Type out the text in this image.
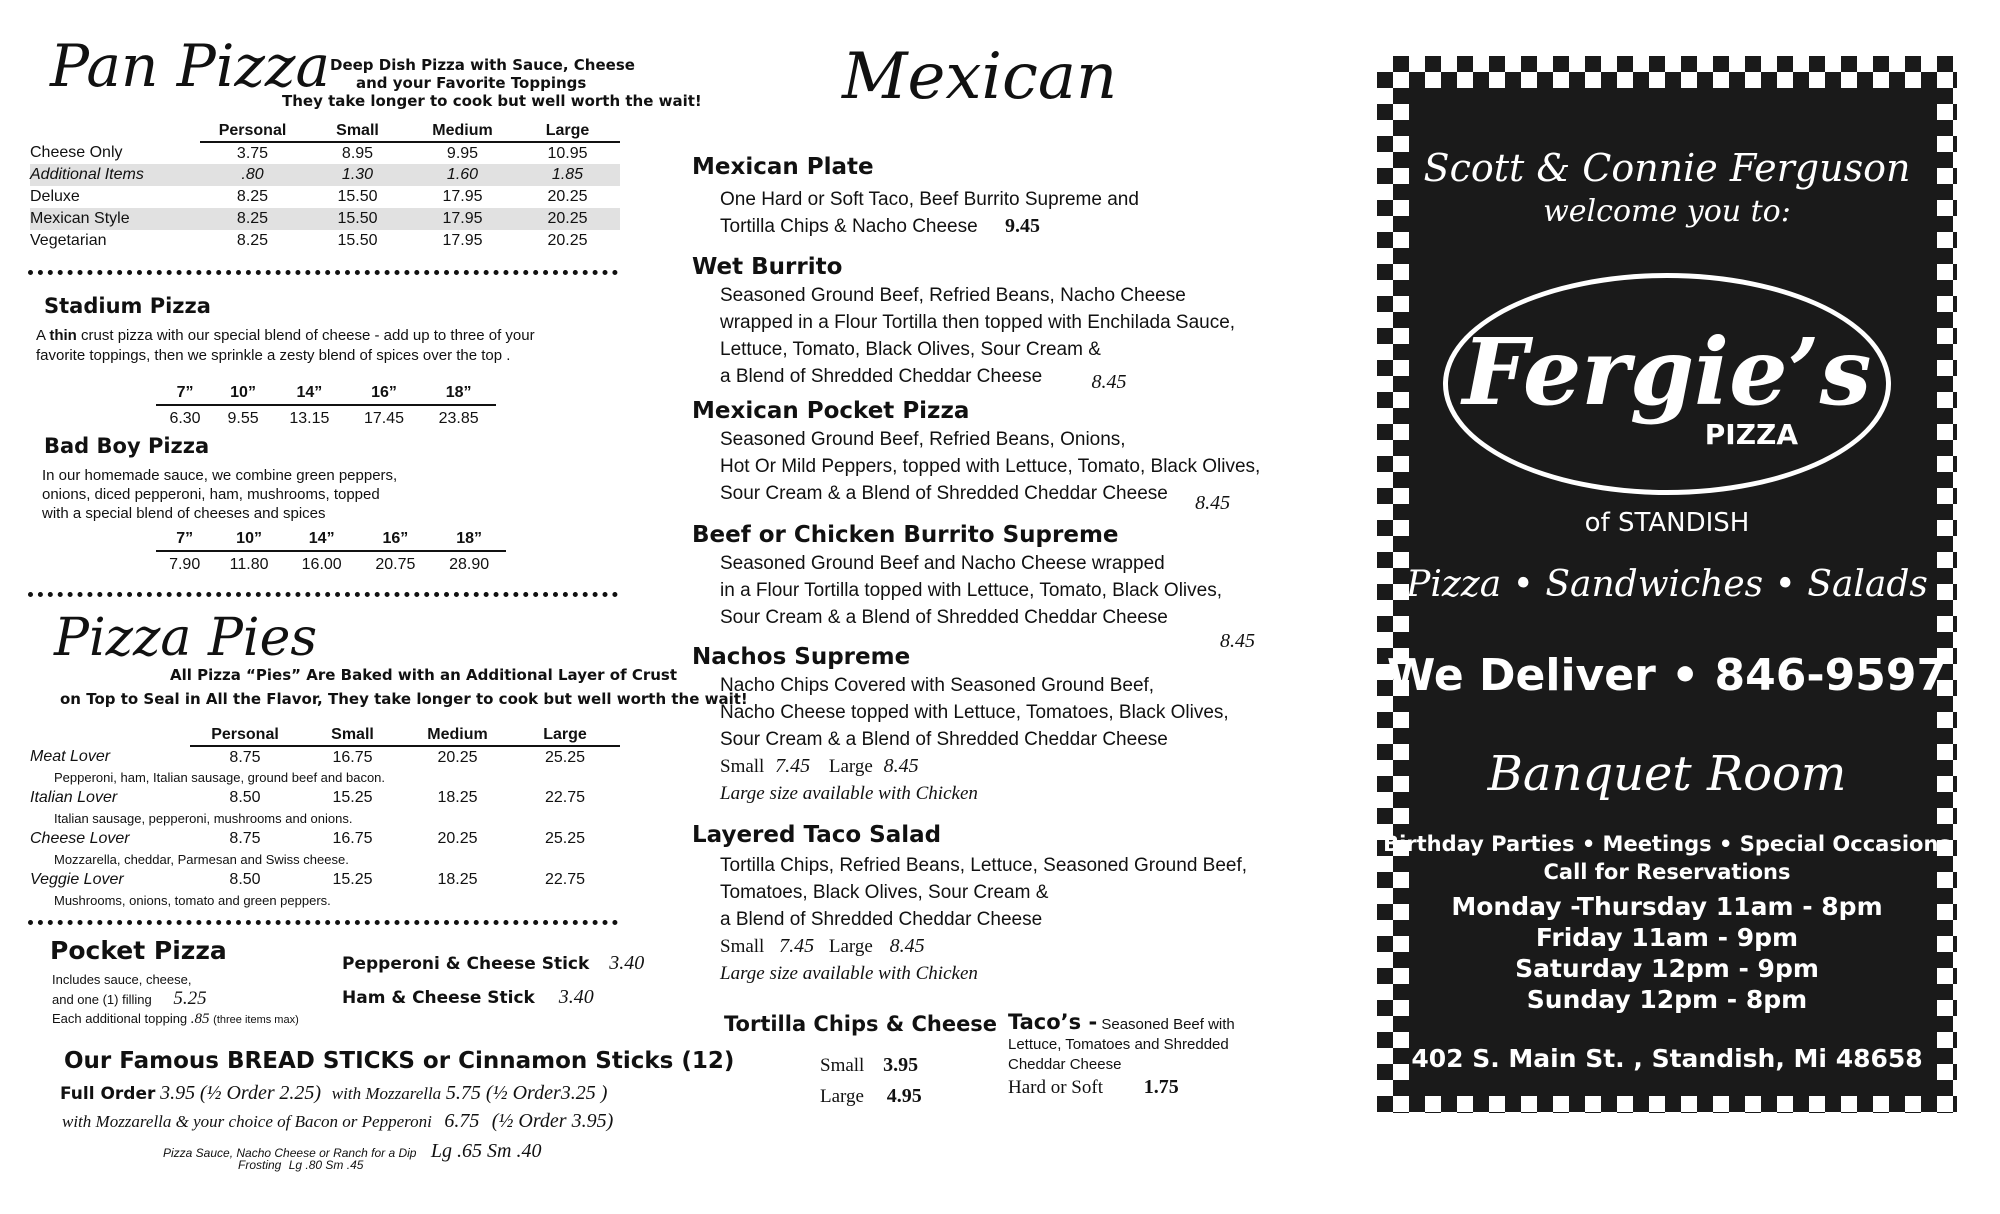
Pan Pizza Deep Dish Pizza with Sauce, Cheese
and your Favorite Toppings
They take longer to cook but well worth the wait!
	Personal	Small	Medium	Large
Cheese Only	3.75	8.95	9.95	10.95
Additional Items	.80	1.30	1.60	1.85
Deluxe	8.25	15.50	17.95	20.25
Mexican Style	8.25	15.50	17.95	20.25
Vegetarian	8.25	15.50	17.95	20.25
Stadium Pizza
A thin crust pizza with our special blend of cheese - add up to three of your
favorite toppings, then we sprinkle a zesty blend of spices over the top .
7”	10”	14”	16”	18”
6.30	9.55	13.15	17.45	23.85
Bad Boy Pizza
In our homemade sauce, we combine green peppers,
onions, diced pepperoni, ham, mushrooms, topped
with a special blend of cheeses and spices
7”	10”	14”	16”	18”
7.90	11.80	16.00	20.75	28.90
Pizza Pies
All Pizza “Pies” Are Baked with an Additional Layer of Crust
on Top to Seal in All the Flavor, They take longer to cook but well worth the wait!
	Personal	Small	Medium	Large
Meat Lover	8.75	16.75	20.25	25.25
Pepperoni, ham, Italian sausage, ground beef and bacon.				
Italian Lover	8.50	15.25	18.25	22.75
Italian sausage, pepperoni, mushrooms and onions.				
Cheese Lover	8.75	16.75	20.25	25.25
Mozzarella, cheddar, Parmesan and Swiss cheese.				
Veggie Lover	8.50	15.25	18.25	22.75
Mushrooms, onions, tomato and green peppers.				
Pocket Pizza
Includes sauce, cheese,
and one (1) filling 5.25
Each additional topping .85 (three items max)
Pepperoni & Cheese Stick 3.40
Ham & Cheese Stick 3.40
Our Famous BREAD STICKS or Cinnamon Sticks (12)
Full Order 3.95 (½ Order 2.25) with Mozzarella 5.75 (½ Order3.25 )
with Mozzarella & your choice of Bacon or Pepperoni 6.75 (½ Order 3.95)
Pizza Sauce, Nacho Cheese or Ranch for a Dip Lg .65 Sm .40
Frosting Lg .80 Sm .45
Mexican
Mexican Plate
One Hard or Soft Taco, Beef Burrito Supreme and
Tortilla Chips & Nacho Cheese 9.45
Wet Burrito
Seasoned Ground Beef, Refried Beans, Nacho Cheese
wrapped in a Flour Tortilla then topped with Enchilada Sauce,
Lettuce, Tomato, Black Olives, Sour Cream &
a Blend of Shredded Cheddar Cheese 8.45
Mexican Pocket Pizza
Seasoned Ground Beef, Refried Beans, Onions,
Hot Or Mild Peppers, topped with Lettuce, Tomato, Black Olives,
Sour Cream & a Blend of Shredded Cheddar Cheese 8.45
Beef or Chicken Burrito Supreme
Seasoned Ground Beef and Nacho Cheese wrapped
in a Flour Tortilla topped with Lettuce, Tomato, Black Olives,
Sour Cream & a Blend of Shredded Cheddar Cheese
8.45
Nachos Supreme
Nacho Chips Covered with Seasoned Ground Beef,
Nacho Cheese topped with Lettuce, Tomatoes, Black Olives,
Sour Cream & a Blend of Shredded Cheddar Cheese
Small 7.45 Large 8.45
Large size available with Chicken
Layered Taco Salad
Tortilla Chips, Refried Beans, Lettuce, Seasoned Ground Beef,
Tomatoes, Black Olives, Sour Cream &
a Blend of Shredded Cheddar Cheese
Small 7.45 Large 8.45
Large size available with Chicken
Tortilla Chips & Cheese
Small 3.95
Large 4.95
Taco’s - Seasoned Beef with
Lettuce, Tomatoes and Shredded
Cheddar Cheese
Hard or Soft 1.75
Scott & Connie Ferguson
welcome you to:
Fergie’s
PIZZA
of STANDISH
Pizza • Sandwiches • Salads
We Deliver • 846-9597
Banquet Room
Birthday Parties • Meetings • Special Occasions
Call for Reservations
Monday -Thursday 11am - 8pm
Friday 11am - 9pm
Saturday 12pm - 9pm
Sunday 12pm - 8pm
402 S. Main St. , Standish, Mi 48658
